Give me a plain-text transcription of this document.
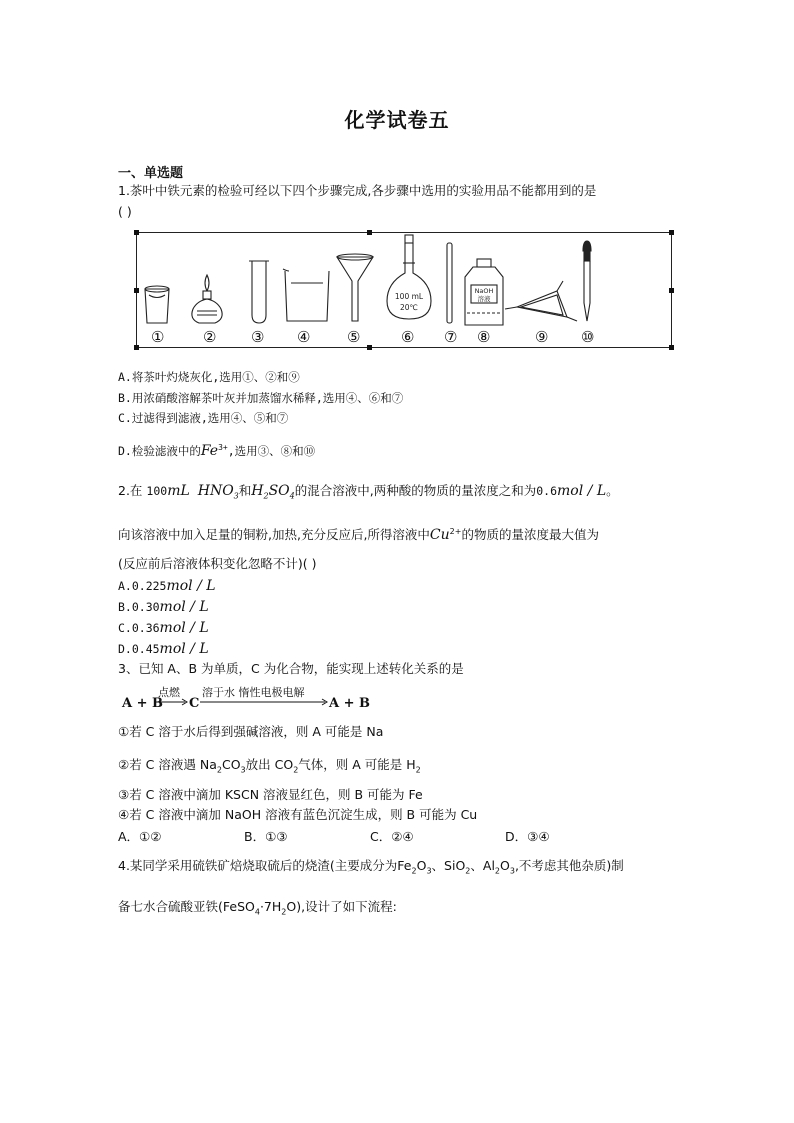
化学试卷五
一、单选题
1.茶叶中铁元素的检验可经以下四个步骤完成,各步骤中选用的实验用品不能都用到的是
( )
100 mL
20℃
NaOH
溶液
①	② ③ ④ ⑤	⑥ ⑦ ⑧	⑨ ⑩
A.将茶叶灼烧灰化,选用①、②和⑨
B.用浓硝酸溶解茶叶灰并加蒸馏水稀释,选用④、⑥和⑦
C.过滤得到滤液,选用④、⑤和⑦
D.检验滤液中的$Fe^{3+}$,选用③、⑧和⑩
2.在 100mL $HNO_3$和$H_2SO_4$的混合溶液中,两种酸的物质的量浓度之和为0.6mol / L。
向该溶液中加入足量的铜粉,加热,充分反应后,所得溶液中$Cu^{2+}$的物质的量浓度最大值为
(反应前后溶液体积变化忽略不计)( )
A.0.225mol / L
B.0.30mol / L
C.0.36mol / L
D.0.45mol / L
3、已知 A、B 为单质，C 为化合物，能实现上述转化关系的是
A + B
点燃
C
溶于水 惰性电极电解
A + B
①若 C 溶于水后得到强碱溶液，则 A 可能是 Na
②若 C 溶液遇 $Na_2CO_3$放出 $CO_2$气体，则 A 可能是 $H_2$
③若 C 溶液中滴加 KSCN 溶液显红色，则 B 可能为 Fe
④若 C 溶液中滴加 NaOH 溶液有蓝色沉淀生成，则 B 可能为 Cu
A．①②	B．①③	C．②④	D．③④
4.某同学采用硫铁矿焙烧取硫后的烧渣(主要成分为$Fe_2O_3$、SiO$_2$、$Al_2O_3$,不考虑其他杂质)制
备七水合硫酸亚铁$(FeSO_4\cdot 7H_2O)$,设计了如下流程:
